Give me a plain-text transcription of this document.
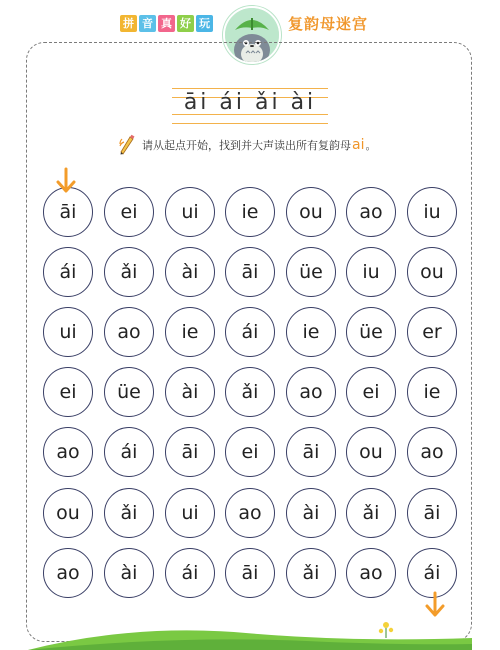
拼 音 真 好 玩	复韵母迷宫
āi ái ǎi ài
请从起点开始，找到并大声读出所有复韵母 ai 。
āi	ei	ui	ie	ou	ao	iu
ái	ǎi	ài	āi	üe	iu	ou
ui	ao	ie	ái	ie	üe	er
ei	üe	ài	ǎi	ao	ei	ie
ao	ái	āi	ei	āi	ou	ao
ou	ǎi	ui	ao	ài	ǎi	āi
ao	ài	ái	āi	ǎi	ao	ái
